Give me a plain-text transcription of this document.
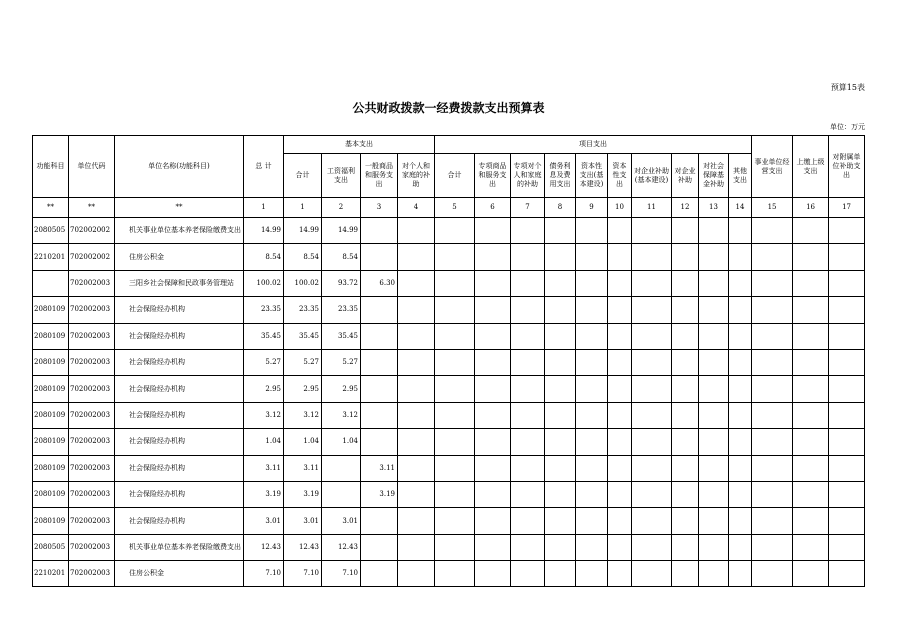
预算15表
公共财政拨款一经费拨款支出预算表
单位：万元
功能科目	单位代码	单位名称(功能科目)	总 计	基本支出				项目支出										事业单位经营支出	上缴上级支出	对附属单位补助支出
				合计	工资福利支出	一般商品和服务支出	对个人和家庭的补助	合计	专项商品和服务支出	专项对个人和家庭的补助	债务利息及费用支出	资本性支出(基本建设)	资本性支出	对企业补助(基本建设)	对企业补助	对社会保障基金补助	其他支出			
**	**	**	1	1	2	3	4	5	6	7	8	9	10	11	12	13	14	15	16	17
2080505	702002002	机关事业单位基本养老保险缴费支出	14.99	14.99	14.99															
2210201	702002002	住房公积金	8.54	8.54	8.54															
	702002003	三阳乡社会保障和民政事务管理站	100.02	100.02	93.72	6.30														
2080109	702002003	社会保险经办机构	23.35	23.35	23.35															
2080109	702002003	社会保险经办机构	35.45	35.45	35.45															
2080109	702002003	社会保险经办机构	5.27	5.27	5.27															
2080109	702002003	社会保险经办机构	2.95	2.95	2.95															
2080109	702002003	社会保险经办机构	3.12	3.12	3.12															
2080109	702002003	社会保险经办机构	1.04	1.04	1.04															
2080109	702002003	社会保险经办机构	3.11	3.11		3.11														
2080109	702002003	社会保险经办机构	3.19	3.19		3.19														
2080109	702002003	社会保险经办机构	3.01	3.01	3.01															
2080505	702002003	机关事业单位基本养老保险缴费支出	12.43	12.43	12.43															
2210201	702002003	住房公积金	7.10	7.10	7.10															
